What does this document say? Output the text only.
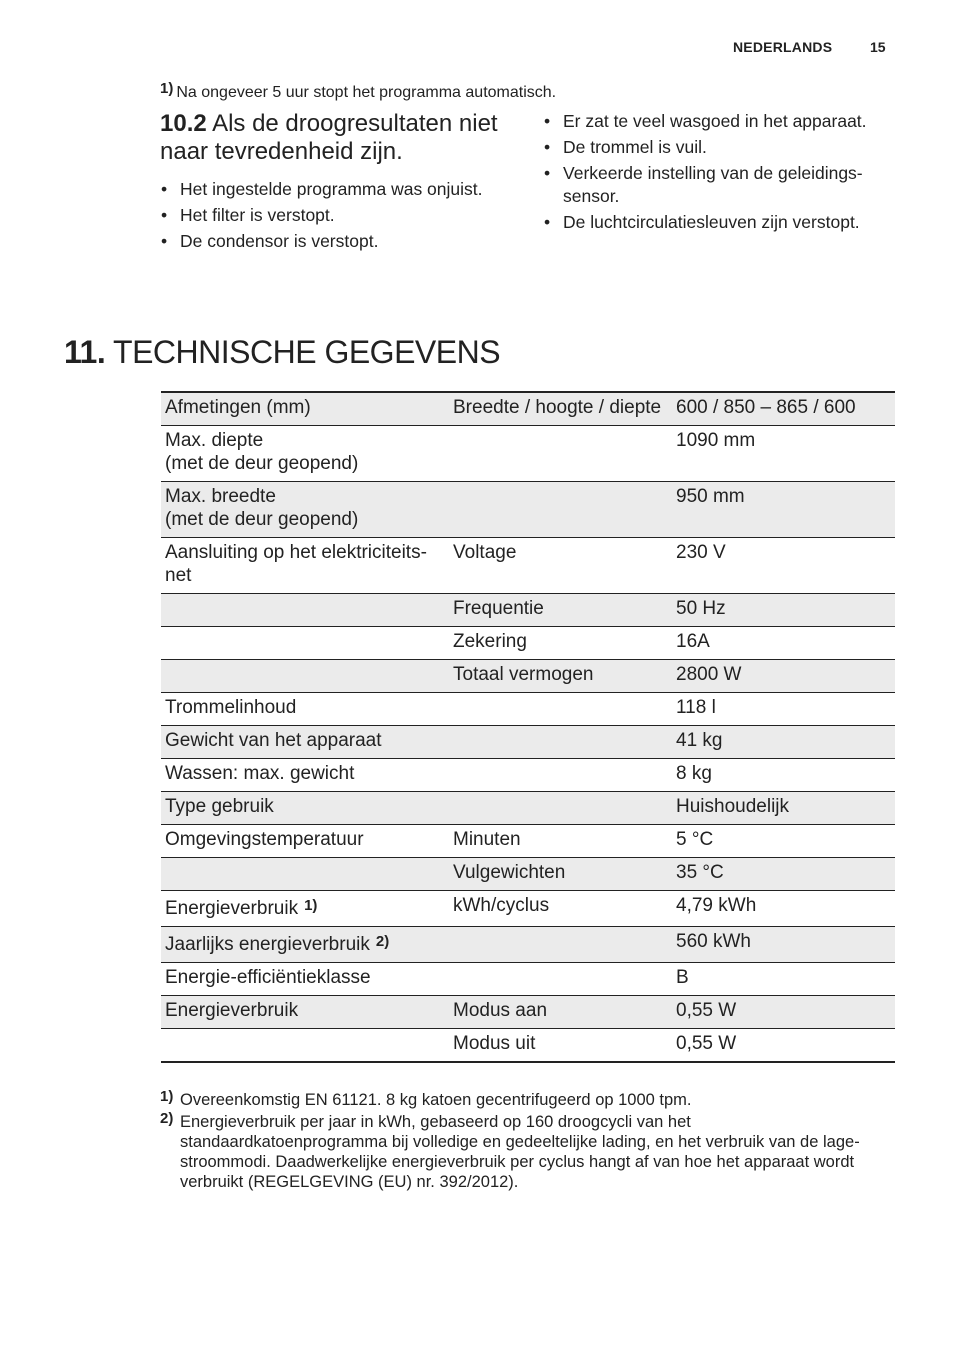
NEDERLANDS	15
$^{1)}$ Na ongeveer 5 uur stopt het programma automatisch.
10.2 Als de droogresultaten niet naar tevredenheid zijn.
• Het ingestelde programma was onjuist.
• Het filter is verstopt.
• De condensor is verstopt.
• Er zat te veel wasgoed in het apparaat.
• De trommel is vuil.
• Verkeerde instelling van de geleidings-sensor.
• De luchtcirculatiesleuven zijn verstopt.
11. TECHNISCHE GEGEVENS
Afmetingen (mm)	Breedte / hoogte / diepte	600 / 850 – 865 / 600
Max. diepte
(met de deur geopend)		1090 mm
Max. breedte
(met de deur geopend)		950 mm
Aansluiting op het elektriciteits-net	Voltage	230 V
	Frequentie	50 Hz
	Zekering	16A
	Totaal vermogen	2800 W
Trommelinhoud		118 l
Gewicht van het apparaat		41 kg
Wassen: max. gewicht		8 kg
Type gebruik		Huishoudelijk
Omgevingstemperatuur	Minuten	5 °C
	Vulgewichten	35 °C
Energieverbruik $^{1)}$	kWh/cyclus	4,79 kWh
Jaarlijks energieverbruik $^{2)}$		560 kWh
Energie-efficiëntieklasse		B
Energieverbruik	Modus aan	0,55 W
	Modus uit	0,55 W
1) Overeenkomstig EN 61121. 8 kg katoen gecentrifugeerd op 1000 tpm.
2) Energieverbruik per jaar in kWh, gebaseerd op 160 droogcycli van het standaardkatoenprogramma bij volledige en gedeeltelijke lading, en het verbruik van de lage-stroommodi. Daadwerkelijke energieverbruik per cyclus hangt af van hoe het apparaat wordt verbruikt (REGELGEVING (EU) nr. 392/2012).
